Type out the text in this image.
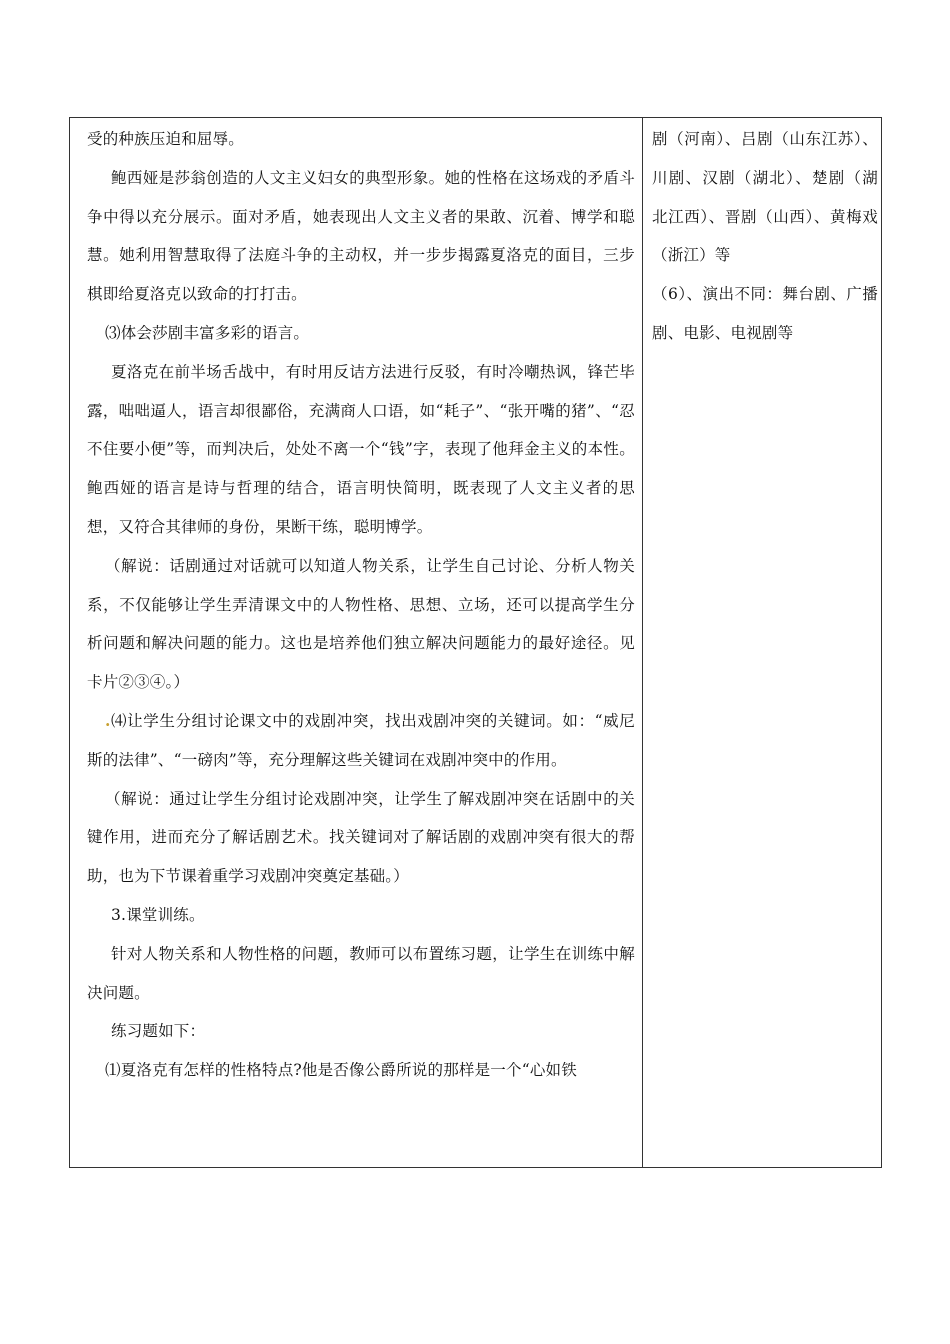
受的种族压迫和屈辱。

鲍西娅是莎翁创造的人文主义妇女的典型形象。她的性格在这场戏的矛盾斗争中得以充分展示。面对矛盾，她表现出人文主义者的果敢、沉着、博学和聪慧。她利用智慧取得了法庭斗争的主动权，并一步步揭露夏洛克的面目，三步棋即给夏洛克以致命的打打击。

⑶体会莎剧丰富多彩的语言。

夏洛克在前半场舌战中，有时用反诘方法进行反驳，有时冷嘲热讽，锋芒毕露，咄咄逼人，语言却很鄙俗，充满商人口语，如“耗子”、“张开嘴的猪”、“忍不住要小便”等，而判决后，处处不离一个“钱”字，表现了他拜金主义的本性。鲍西娅的语言是诗与哲理的结合，语言明快简明，既表现了人文主义者的思想，又符合其律师的身份，果断干练，聪明博学。

（解说：话剧通过对话就可以知道人物关系，让学生自己讨论、分析人物关系，不仅能够让学生弄清课文中的人物性格、思想、立场，还可以提高学生分析问题和解决问题的能力。这也是培养他们独立解决问题能力的最好途径。见卡片②③④。）

.⑷让学生分组讨论课文中的戏剧冲突，找出戏剧冲突的关键词。如：“威尼斯的法律”、“一磅肉”等，充分理解这些关键词在戏剧冲突中的作用。

（解说：通过让学生分组讨论戏剧冲突，让学生了解戏剧冲突在话剧中的关键作用，进而充分了解话剧艺术。找关键词对了解话剧的戏剧冲突有很大的帮助，也为下节课着重学习戏剧冲突奠定基础。）

3.课堂训练。

针对人物关系和人物性格的问题，教师可以布置练习题，让学生在训练中解决问题。

练习题如下：

⑴夏洛克有怎样的性格特点?他是否像公爵所说的那样是一个“心如铁

剧（河南）、吕剧（山东江苏）、川剧、汉剧（湖北）、楚剧（湖北江西）、晋剧（山西）、黄梅戏（浙江）等

（6）、演出不同：舞台剧、广播剧、电影、电视剧等
